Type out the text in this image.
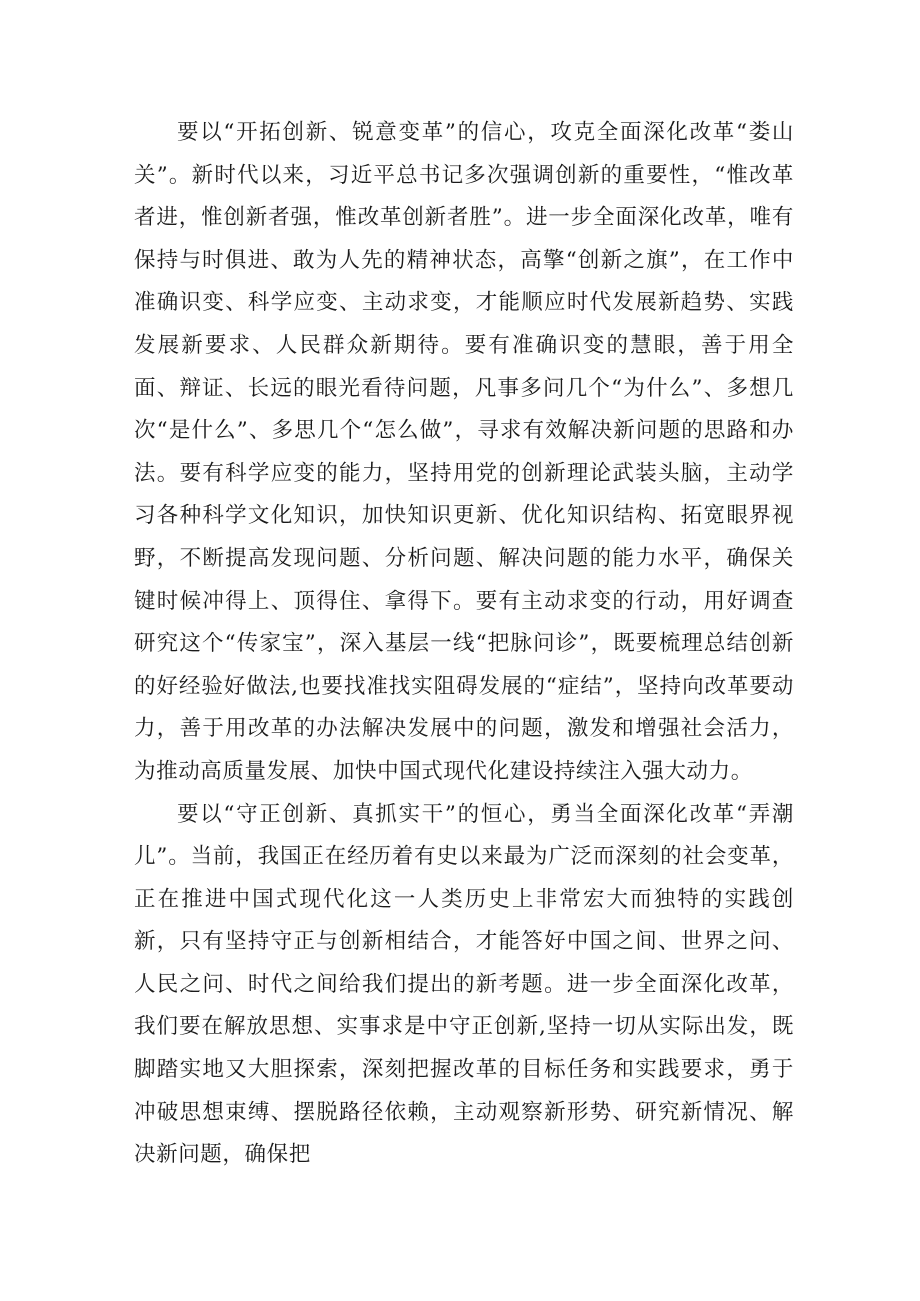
要以“开拓创新、锐意变革”的信心，攻克全面深化改革“娄山关”。新时代以来，习近平总书记多次强调创新的重要性，“惟改革者进，惟创新者强，惟改革创新者胜”。进一步全面深化改革，唯有保持与时俱进、敢为人先的精神状态，高擎“创新之旗”，在工作中准确识变、科学应变、主动求变，才能顺应时代发展新趋势、实践发展新要求、人民群众新期待。要有准确识变的慧眼，善于用全面、辩证、长远的眼光看待问题，凡事多问几个“为什么”、多想几次“是什么”、多思几个“怎么做”，寻求有效解决新问题的思路和办法。要有科学应变的能力，坚持用党的创新理论武装头脑，主动学习各种科学文化知识，加快知识更新、优化知识结构、拓宽眼界视野，不断提高发现问题、分析问题、解决问题的能力水平，确保关键时候冲得上、顶得住、拿得下。要有主动求变的行动，用好调查研究这个“传家宝”，深入基层一线“把脉问诊”，既要梳理总结创新的好经验好做法,也要找准找实阻碍发展的“症结”，坚持向改革要动力，善于用改革的办法解决发展中的问题，激发和增强社会活力，为推动高质量发展、加快中国式现代化建设持续注入强大动力。

要以“守正创新、真抓实干”的恒心，勇当全面深化改革“弄潮儿”。当前，我国正在经历着有史以来最为广泛而深刻的社会变革，正在推进中国式现代化这一人类历史上非常宏大而独特的实践创新，只有坚持守正与创新相结合，才能答好中国之间、世界之问、人民之问、时代之间给我们提出的新考题。进一步全面深化改革，我们要在解放思想、实事求是中守正创新,坚持一切从实际出发，既脚踏实地又大胆探索，深刻把握改革的目标任务和实践要求，勇于冲破思想束缚、摆脱路径依赖，主动观察新形势、研究新情况、解决新问题，确保把
